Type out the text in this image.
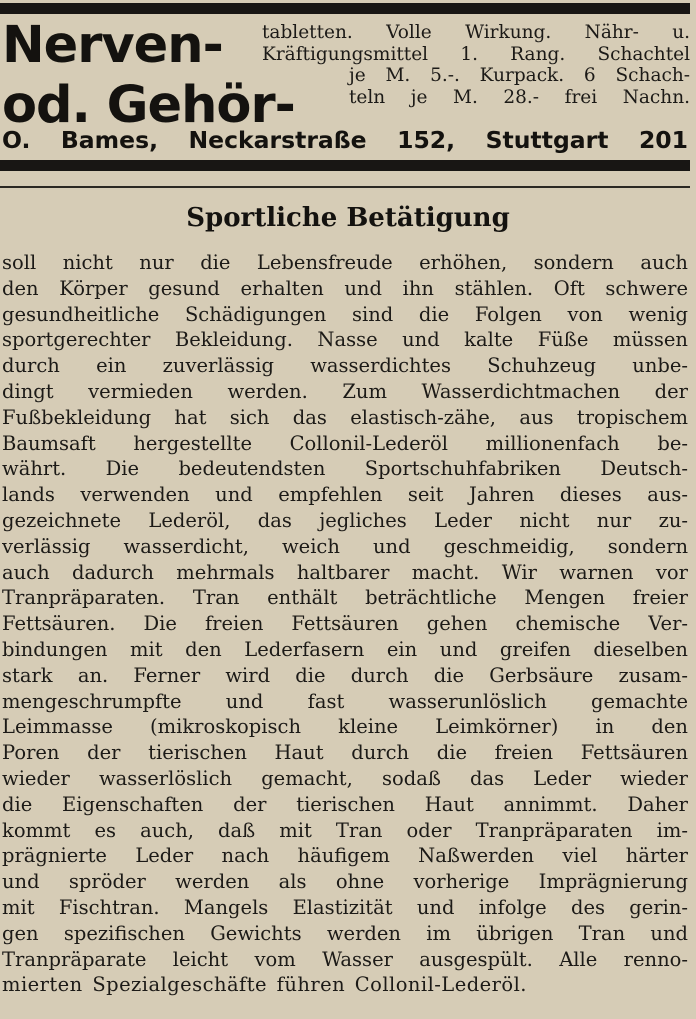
Nerven-
od. Gehör-
tabletten. Volle Wirkung. Nähr- u.
Kräftigungsmittel 1. Rang. Schachtel
je M. 5.-. Kurpack. 6 Schach-
teln je M. 28.- frei Nachn.
O. Bames, Neckarstraße 152, Stuttgart 201
Sportliche Betätigung
soll nicht nur die Lebensfreude erhöhen, sondern auch
den Körper gesund erhalten und ihn stählen. Oft schwere
gesundheitliche Schädigungen sind die Folgen von wenig
sportgerechter Bekleidung. Nasse und kalte Füße müssen
durch ein zuverlässig wasserdichtes Schuhzeug unbe-
dingt vermieden werden. Zum Wasserdichtmachen der
Fußbekleidung hat sich das elastisch-zähe, aus tropischem
Baumsaft hergestellte Collonil-Lederöl millionenfach be-
währt. Die bedeutendsten Sportschuhfabriken Deutsch-
lands verwenden und empfehlen seit Jahren dieses aus-
gezeichnete Lederöl, das jegliches Leder nicht nur zu-
verlässig wasserdicht, weich und geschmeidig, sondern
auch dadurch mehrmals haltbarer macht. Wir warnen vor
Tranpräparaten. Tran enthält beträchtliche Mengen freier
Fettsäuren. Die freien Fettsäuren gehen chemische Ver-
bindungen mit den Lederfasern ein und greifen dieselben
stark an. Ferner wird die durch die Gerbsäure zusam-
mengeschrumpfte und fast wasserunlöslich gemachte
Leimmasse (mikroskopisch kleine Leimkörner) in den
Poren der tierischen Haut durch die freien Fettsäuren
wieder wasserlöslich gemacht, sodaß das Leder wieder
die Eigenschaften der tierischen Haut annimmt. Daher
kommt es auch, daß mit Tran oder Tranpräparaten im-
prägnierte Leder nach häufigem Naßwerden viel härter
und spröder werden als ohne vorherige Imprägnierung
mit Fischtran. Mangels Elastizität und infolge des gerin-
gen spezifischen Gewichts werden im übrigen Tran und
Tranpräparate leicht vom Wasser ausgespült. Alle renno-
mierten Spezialgeschäfte führen Collonil-Lederöl.
